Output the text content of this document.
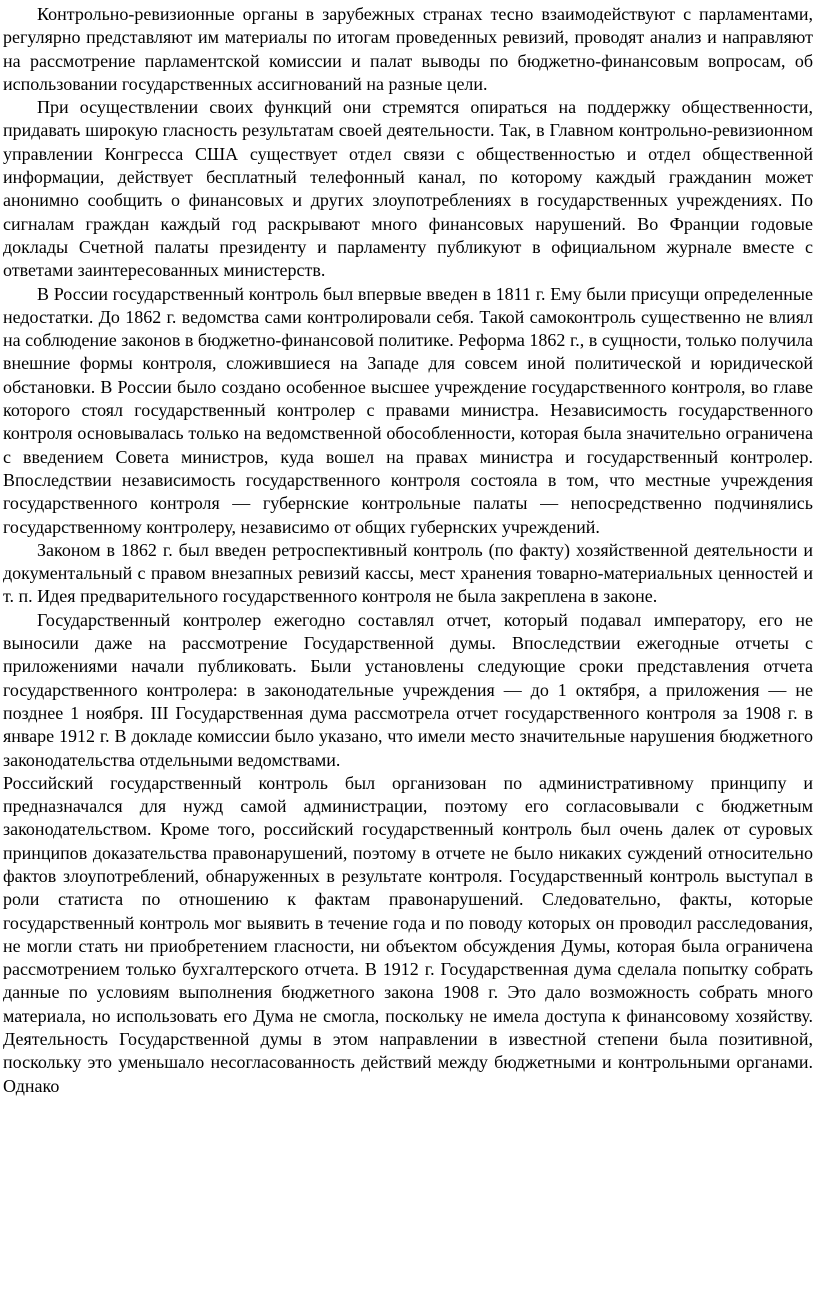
Контрольно-ревизионные органы в зарубежных странах тесно взаимодействуют с парламентами, регулярно представляют им материалы по итогам проведенных ревизий, проводят анализ и направляют на рассмотрение парламентской комиссии и палат выводы по бюджетно-финансовым вопросам, об использовании государственных ассигнований на разные цели.

При осуществлении своих функций они стремятся опираться на поддержку общественности, придавать широкую гласность результатам своей деятельности. Так, в Главном контрольно-ревизионном управлении Конгресса США существует отдел связи с общественностью и отдел общественной информации, действует бесплатный телефонный канал, по которому каждый гражданин может анонимно сообщить о финансовых и других злоупотреблениях в государственных учреждениях. По сигналам граждан каждый год раскрывают много финансовых нарушений. Во Франции годовые доклады Счетной палаты президенту и парламенту публикуют в официальном журнале вместе с ответами заинтересованных министерств.

В России государственный контроль был впервые введен в 1811 г. Ему были присущи определенные недостатки. До 1862 г. ведомства сами контролировали себя. Такой самоконтроль существенно не влиял на соблюдение законов в бюджетно-финансовой политике. Реформа 1862 г., в сущности, только получила внешние формы контроля, сложившиеся на Западе для совсем иной политической и юридической обстановки. В России было создано особенное высшее учреждение государственного контроля, во главе которого стоял государственный контролер с правами министра. Независимость государственного контроля основывалась только на ведомственной обособленности, которая была значительно ограничена с введением Совета министров, куда вошел на правах министра и государственный контролер. Впоследствии независимость государственного контроля состояла в том, что местные учреждения государственного контроля — губернские контрольные палаты — непосредственно подчинялись государственному контролеру, независимо от общих губернских учреждений.

Законом в 1862 г. был введен ретроспективный контроль (по факту) хозяйственной деятельности и документальный с правом внезапных ревизий кассы, мест хранения товарно-материальных ценностей и т. п. Идея предварительного государственного контроля не была закреплена в законе.

Государственный контролер ежегодно составлял отчет, который подавал императору, его не выносили даже на рассмотрение Государственной думы. Впоследствии ежегодные отчеты с приложениями начали публиковать. Были установлены следующие сроки представления отчета государственного контролера: в законодательные учреждения — до 1 октября, а приложения — не позднее 1 ноября. III Государственная дума рассмотрела отчет государственного контроля за 1908 г. в январе 1912 г. В докладе комиссии было указано, что имели место значительные нарушения бюджетного законодательства отдельными ведомствами.

Российский государственный контроль был организован по административному принципу и предназначался для нужд самой администрации, поэтому его согласовывали с бюджетным законодательством. Кроме того, российский государственный контроль был очень далек от суровых принципов доказательства правонарушений, поэтому в отчете не было никаких суждений относительно фактов злоупотреблений, обнаруженных в результате контроля. Государственный контроль выступал в роли статиста по отношению к фактам правонарушений. Следовательно, факты, которые государственный контроль мог выявить в течение года и по поводу которых он проводил расследования, не могли стать ни приобретением гласности, ни объектом обсуждения Думы, которая была ограничена рассмотрением только бухгалтерского отчета. В 1912 г. Государственная дума сделала попытку собрать данные по условиям выполнения бюджетного закона 1908 г. Это дало возможность собрать много материала, но использовать его Дума не смогла, поскольку не имела доступа к финансовому хозяйству. Деятельность Государственной думы в этом направлении в известной степени была позитивной, поскольку это уменьшало несогласованность действий между бюджетными и контрольными органами. Однако
